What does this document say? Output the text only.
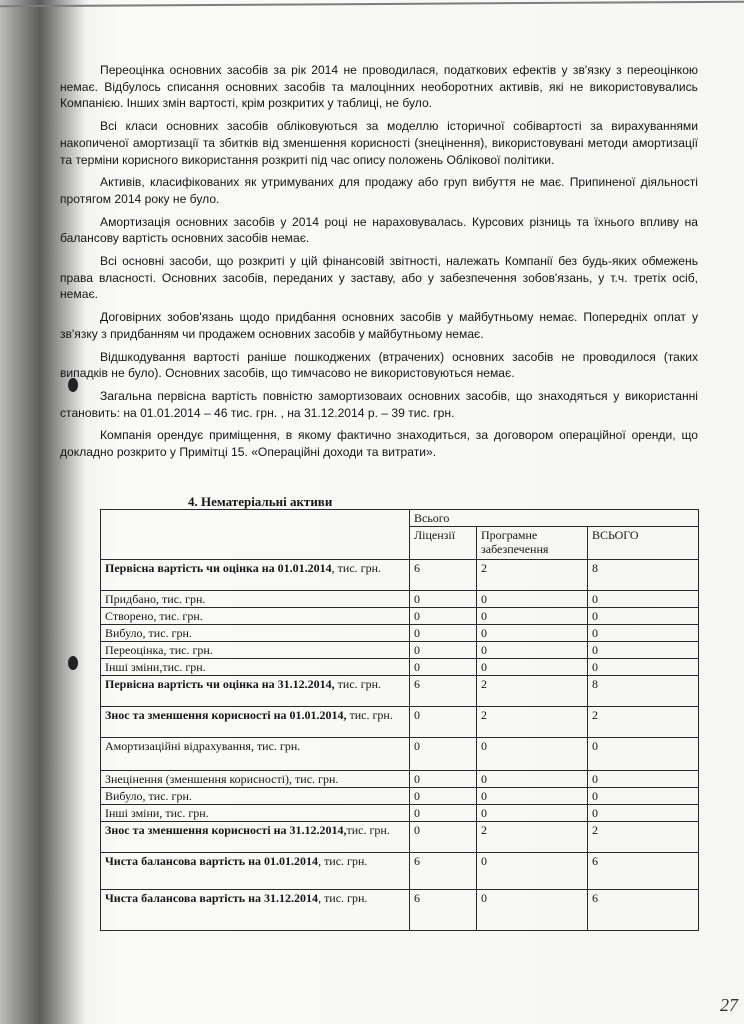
Переоцінка основних засобів за рік 2014 не проводилася, податкових ефектів у зв'язку з переоцінкою немає. Відбулось списання основних засобів та малоцінних необоротних активів, які не використовувались Компанією. Інших змін вартості, крім розкритих у таблиці, не було.

Всі класи основних засобів обліковуються за моделлю історичної собівартості за вирахуваннями накопиченої амортизації та збитків від зменшення корисності (знецінення), використовувані методи амортизації та терміни корисного використання розкриті під час опису положень Облікової політики.

Активів, класифікованих як утримуваних для продажу або груп вибуття не має. Припиненої діяльності протягом 2014 року не було.

Амортизація основних засобів у 2014 році не нараховувалась. Курсових різниць та їхнього впливу на балансову вартість основних засобів немає.

Всі основні засоби, що розкриті у цій фінансовій звітності, належать Компанії без будь-яких обмежень права власності. Основних засобів, переданих у заставу, або у забезпечення зобов'язань, у т.ч. третіх осіб, немає.

Договірних зобов'язань щодо придбання основних засобів у майбутньому немає. Попередніх оплат у зв'язку з придбанням чи продажем основних засобів у майбутньому немає.

Відшкодування вартості раніше пошкоджених (втрачених) основних засобів не проводилося (таких випадків не було). Основних засобів, що тимчасово не використовуються немає.

Загальна первісна вартість повністю замортизоваих основних засобів, що знаходяться у використанні становить: на 01.01.2014 – 46 тис. грн. , на 31.12.2014 р. – 39 тис. грн.

Компанія орендує приміщення, в якому фактично знаходиться, за договором операційної оренди, що докладно розкрито у Примітці 15. «Операційні доходи та витрати».

4. Нематеріальні активи
	Всього		
	Ліцензії	Програмне забезпечення	ВСЬОГО
Первісна вартість чи оцінка на 01.01.2014, тис. грн.	6	2	8
Придбано, тис. грн.	0	0	0
Створено, тис. грн.	0	0	0
Вибуло, тис. грн.	0	0	0
Переоцінка, тис. грн.	0	0	0
Інші зміни,тис. грн.	0	0	0
Первісна вартість чи оцінка на 31.12.2014, тис. грн.	6	2	8
Знос та зменшення корисності на 01.01.2014, тис. грн.	0	2	2
Амортизаційні відрахування, тис. грн.	0	0	0
Знецінення (зменшення корисності), тис. грн.	0	0	0
Вибуло, тис. грн.	0	0	0
Інші зміни, тис. грн.	0	0	0
Знос та зменшення корисності на 31.12.2014,тис. грн.	0	2	2
Чиста балансова вартість на 01.01.2014, тис. грн.	6	0	6
Чиста балансова вартість на 31.12.2014, тис. грн.	6	0	6
27
